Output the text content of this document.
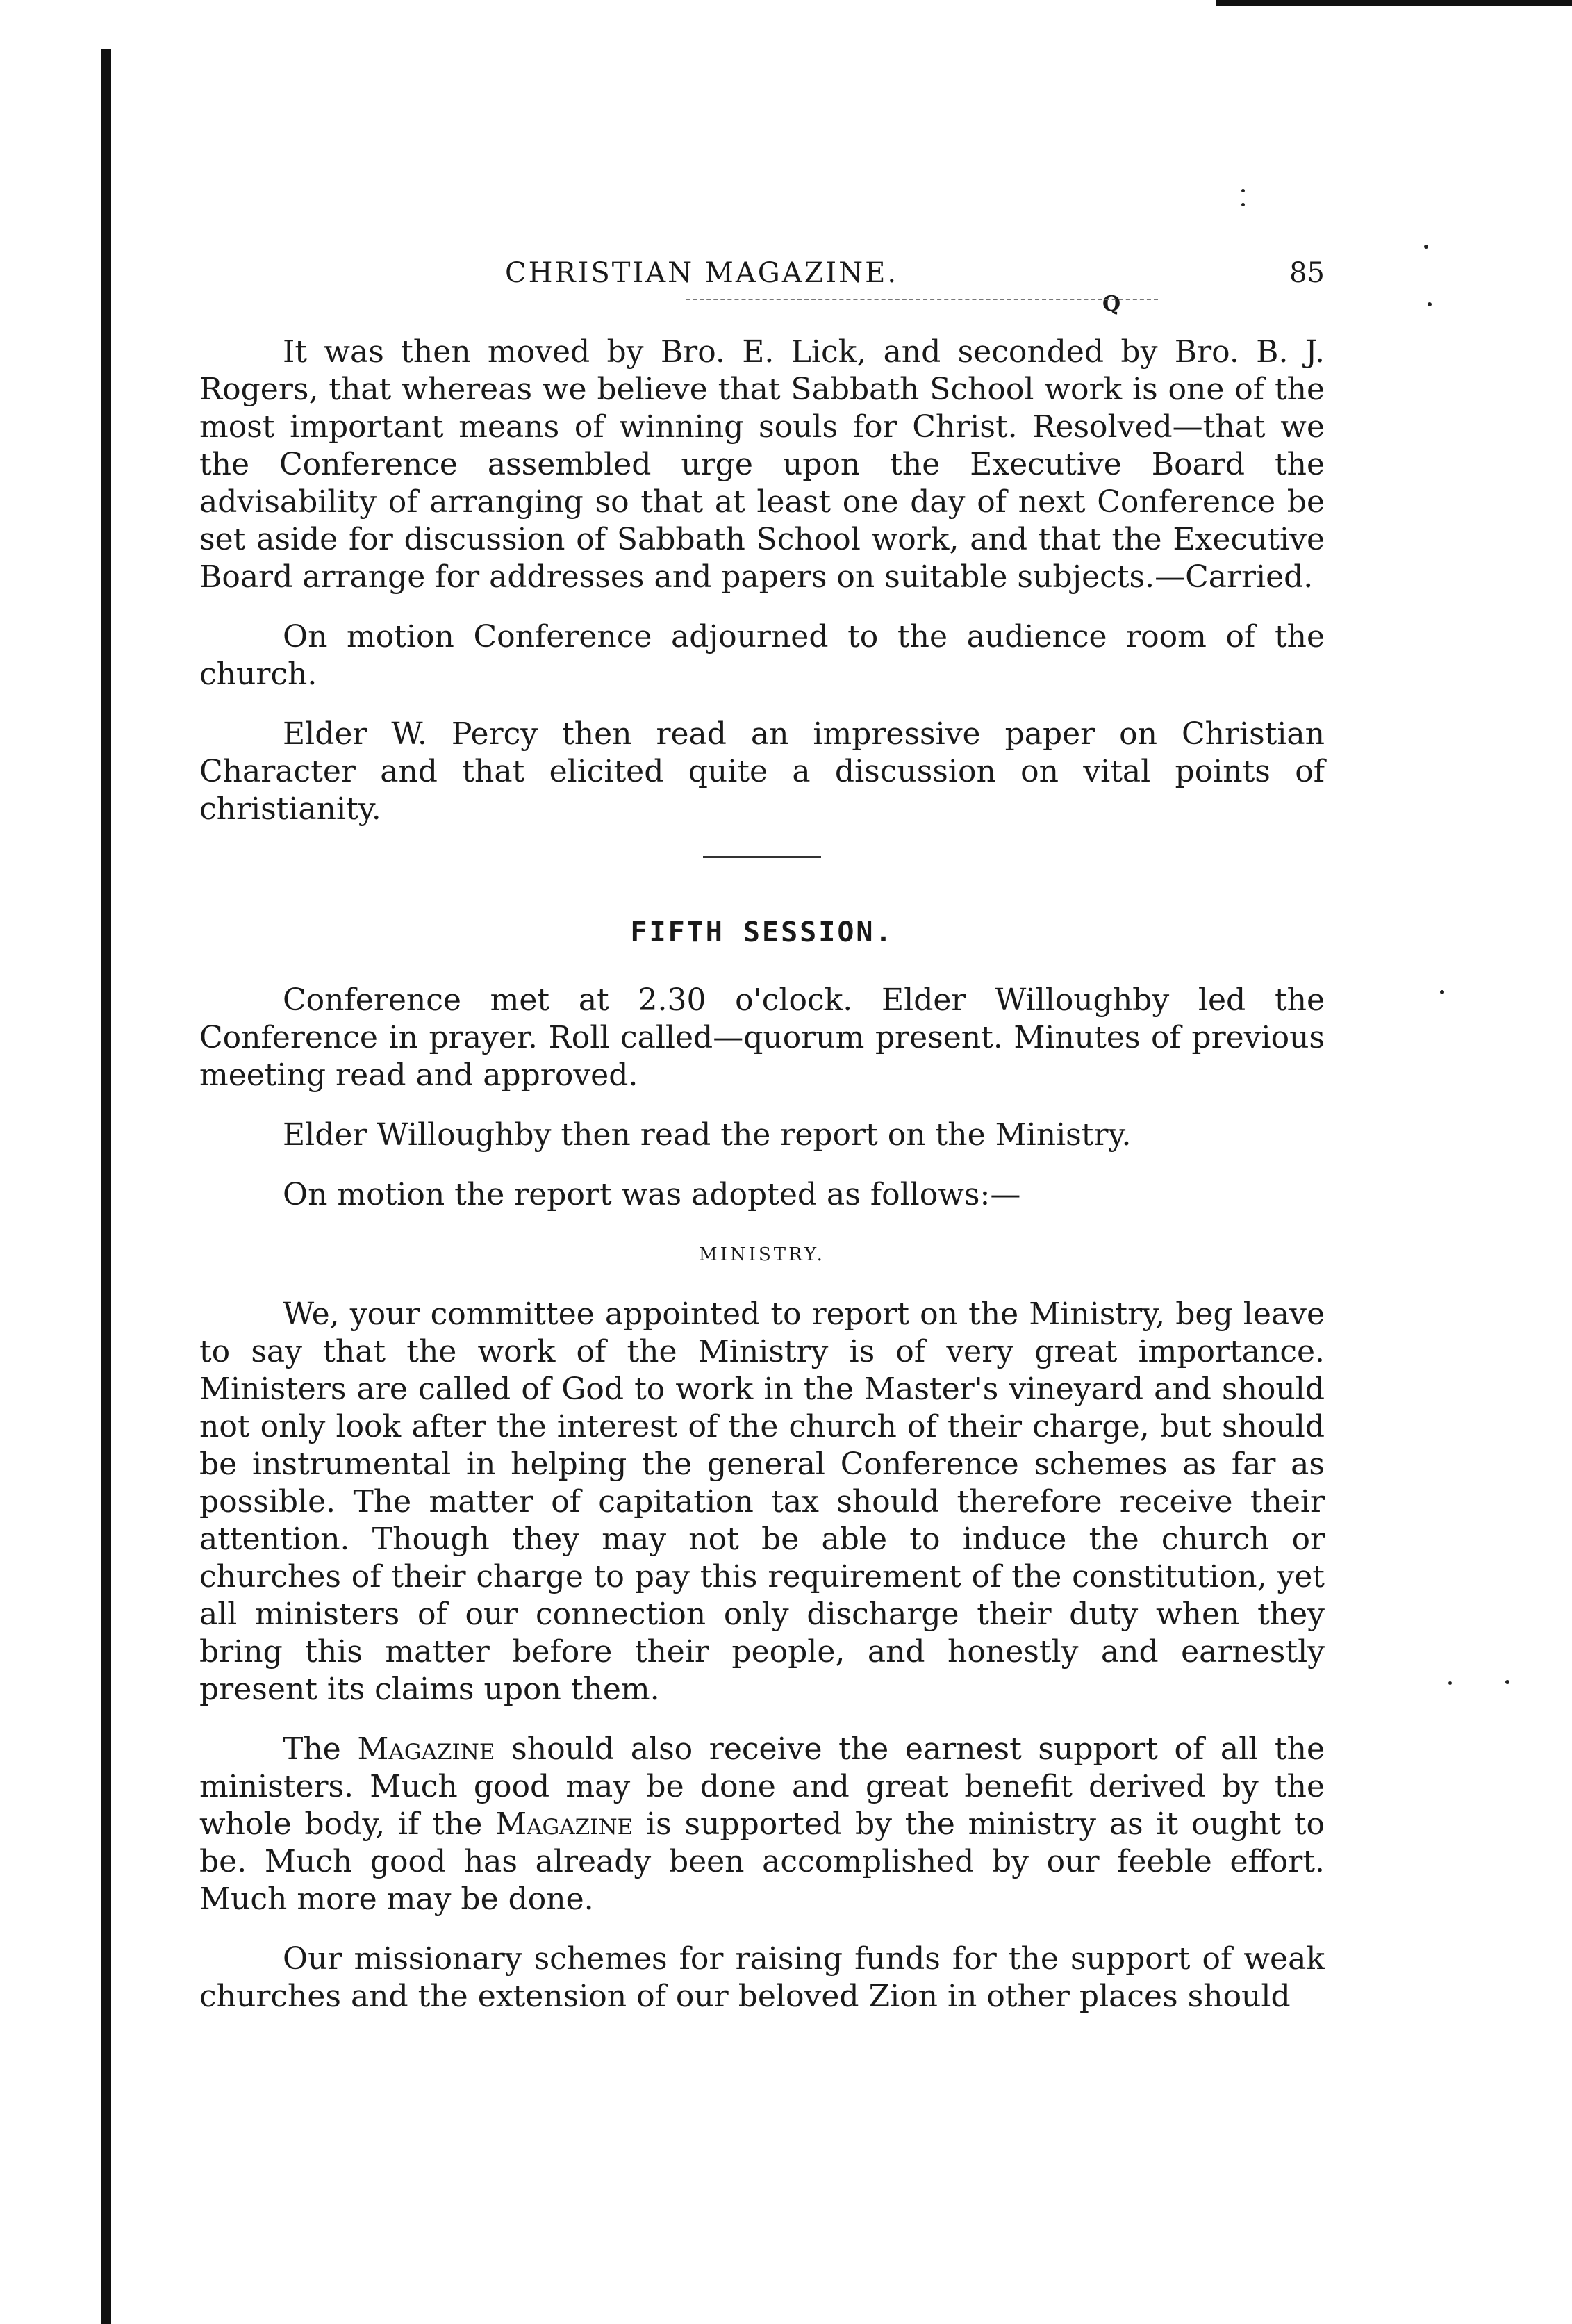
CHRISTIAN MAGAZINE.	85
Q

It was then moved by Bro. E. Lick, and seconded by Bro. B. J. Rogers, that whereas we believe that Sabbath School work is one of the most important means of winning souls for Christ. Resolved—that we the Conference assembled urge upon the Executive Board the advisability of arranging so that at least one day of next Conference be set aside for discussion of Sabbath School work, and that the Executive Board arrange for addresses and papers on suitable subjects.—Carried.

On motion Conference adjourned to the audience room of the church.

Elder W. Percy then read an impressive paper on Christian Character and that elicited quite a discussion on vital points of christianity.

FIFTH SESSION.

Conference met at 2.30 o'clock. Elder Willoughby led the Conference in prayer. Roll called—quorum present. Minutes of previous meeting read and approved.

Elder Willoughby then read the report on the Ministry.

On motion the report was adopted as follows:—

MINISTRY.

We, your committee appointed to report on the Ministry, beg leave to say that the work of the Ministry is of very great importance. Ministers are called of God to work in the Master's vineyard and should not only look after the interest of the church of their charge, but should be instrumental in helping the general Conference schemes as far as possible. The matter of capitation tax should therefore receive their attention. Though they may not be able to induce the church or churches of their charge to pay this requirement of the constitution, yet all ministers of our connection only discharge their duty when they bring this matter before their people, and honestly and earnestly present its claims upon them.

The Magazine should also receive the earnest support of all the ministers. Much good may be done and great benefit derived by the whole body, if the Magazine is supported by the ministry as it ought to be. Much good has already been accomplished by our feeble effort. Much more may be done.

Our missionary schemes for raising funds for the support of weak churches and the extension of our beloved Zion in other places should
